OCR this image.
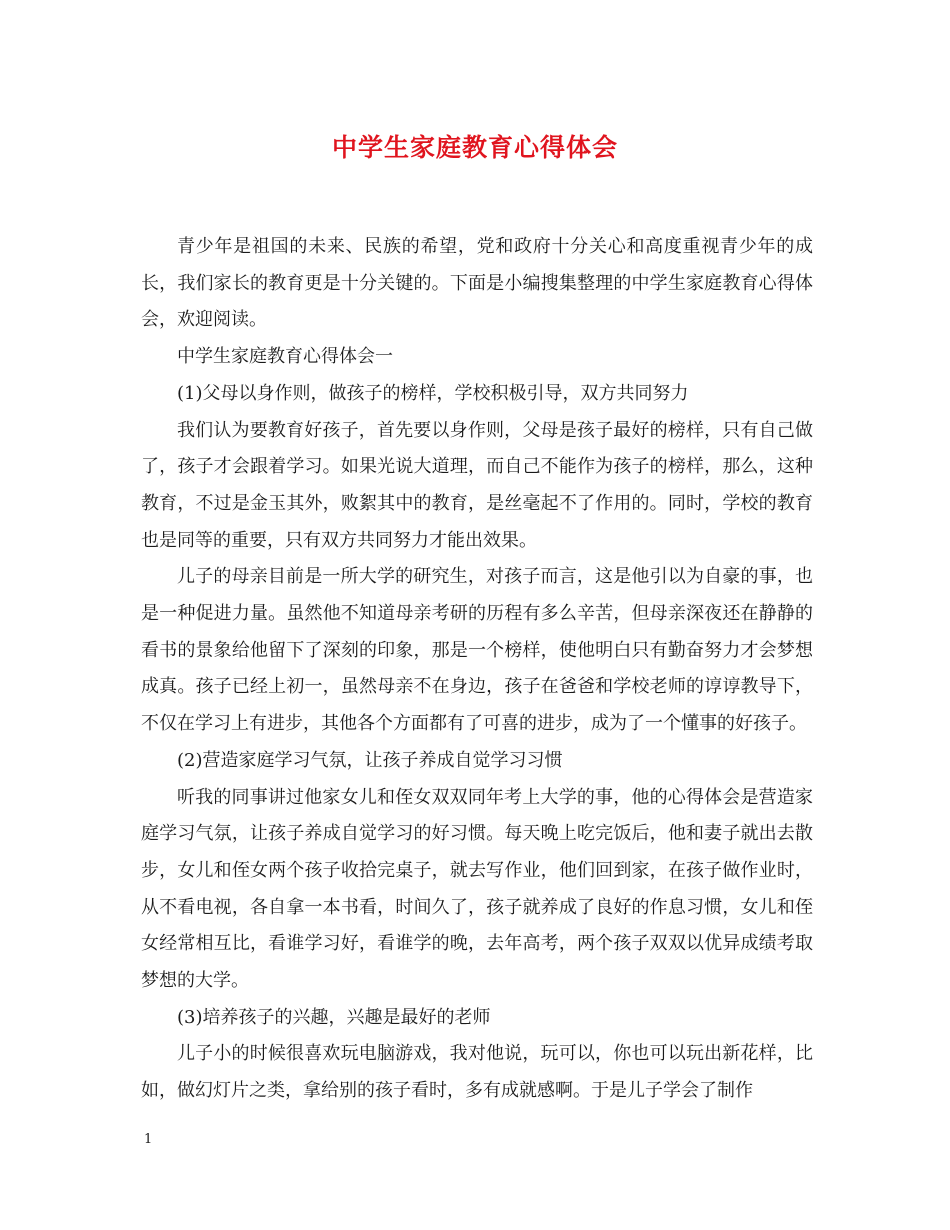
中学生家庭教育心得体会

青少年是祖国的未来、民族的希望，党和政府十分关心和高度重视青少年的成长，我们家长的教育更是十分关键的。下面是小编搜集整理的中学生家庭教育心得体会，欢迎阅读。

中学生家庭教育心得体会一

(1)父母以身作则，做孩子的榜样，学校积极引导，双方共同努力

我们认为要教育好孩子，首先要以身作则，父母是孩子最好的榜样，只有自己做了，孩子才会跟着学习。如果光说大道理，而自己不能作为孩子的榜样，那么，这种教育，不过是金玉其外，败絮其中的教育，是丝毫起不了作用的。同时，学校的教育也是同等的重要，只有双方共同努力才能出效果。

儿子的母亲目前是一所大学的研究生，对孩子而言，这是他引以为自豪的事，也是一种促进力量。虽然他不知道母亲考研的历程有多么辛苦，但母亲深夜还在静静的看书的景象给他留下了深刻的印象，那是一个榜样，使他明白只有勤奋努力才会梦想成真。孩子已经上初一，虽然母亲不在身边，孩子在爸爸和学校老师的谆谆教导下，不仅在学习上有进步，其他各个方面都有了可喜的进步，成为了一个懂事的好孩子。

(2)营造家庭学习气氛，让孩子养成自觉学习习惯

听我的同事讲过他家女儿和侄女双双同年考上大学的事，他的心得体会是营造家庭学习气氛，让孩子养成自觉学习的好习惯。每天晚上吃完饭后，他和妻子就出去散步，女儿和侄女两个孩子收拾完桌子，就去写作业，他们回到家，在孩子做作业时，从不看电视，各自拿一本书看，时间久了，孩子就养成了良好的作息习惯，女儿和侄女经常相互比，看谁学习好，看谁学的晚，去年高考，两个孩子双双以优异成绩考取梦想的大学。

(3)培养孩子的兴趣，兴趣是最好的老师

儿子小的时候很喜欢玩电脑游戏，我对他说，玩可以，你也可以玩出新花样，比如，做幻灯片之类，拿给别的孩子看时，多有成就感啊。于是儿子学会了制作

1
